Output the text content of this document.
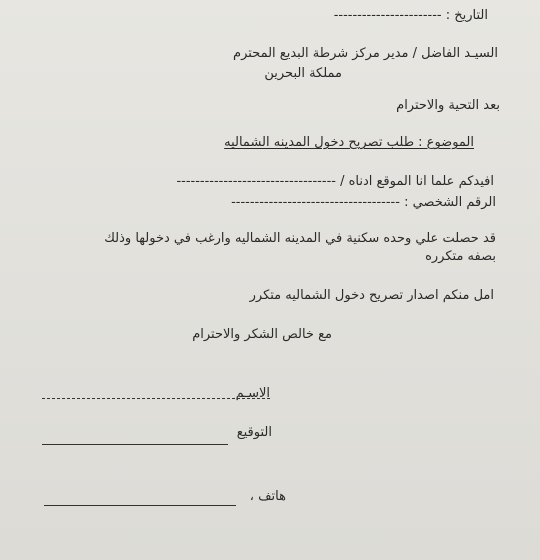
التاريخ : -----------------------
السيـد الفاضل / مدير مركز شرطة البديع المحترم
مملكة البحرين
بعد التحية والاحترام
الموضوع : طلب تصريح دخول المدينه الشماليه
افيدكم علما انا الموقع ادناه / ----------------------------------
الرقم الشخصي : ------------------------------------
قد حصلت علي وحده سكنية في المدينه الشماليه وارغب في دخولها وذلك
بصفه متكرره
امل منكم اصدار تصريح دخول الشماليه متكرر
مع خالص الشكر والاحترام
الاسـم
التوقيع
هاتف ،
